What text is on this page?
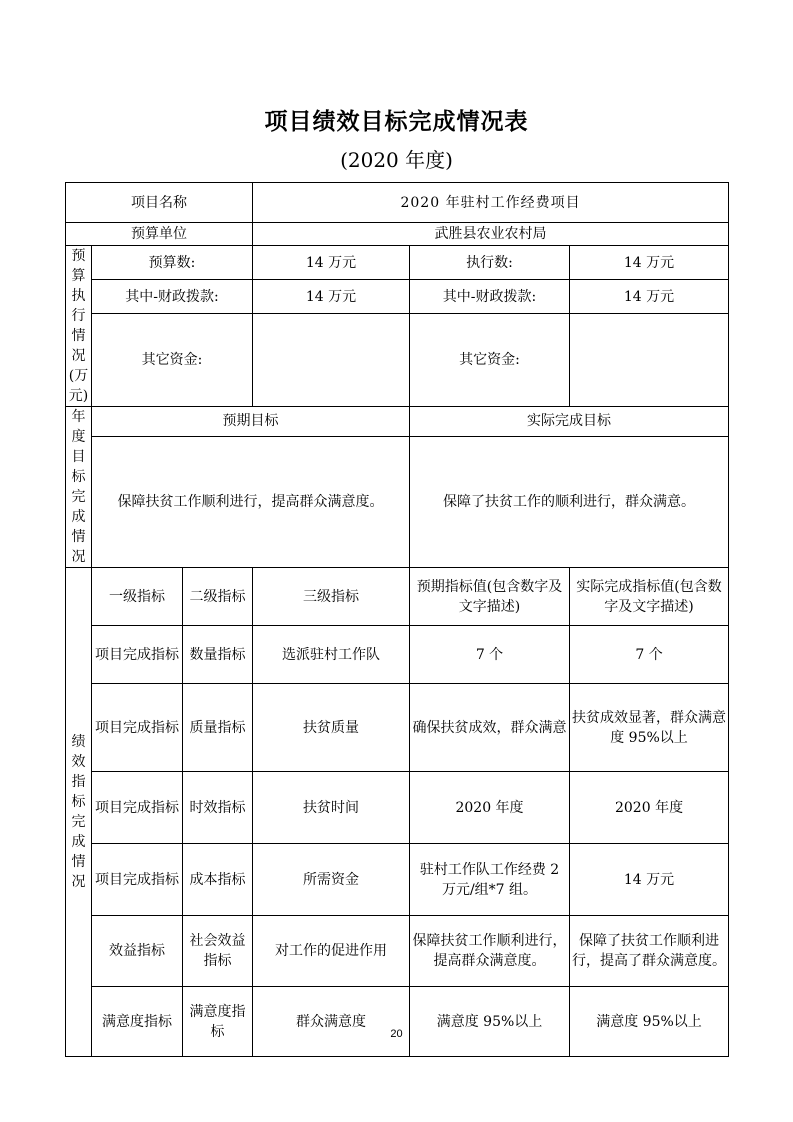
项目绩效目标完成情况表
(2020 年度)
项目名称			2020 年驻村工作经费项目		
预算单位			武胜县农业农村局		
预算执行情况(万元)	预算数:		14 万元	执行数:	14 万元
	其中-财政拨款:		14 万元	其中-财政拨款:	14 万元
	其它资金:			其它资金:	
年度目标完成情况	预期目标			实际完成目标	
	保障扶贫工作顺利进行，提高群众满意度。			保障了扶贫工作的顺利进行，群众满意。	
绩效指标完成情况	一级指标	二级指标	三级指标	预期指标值(包含数字及文字描述)	实际完成指标值(包含数字及文字描述)
	项目完成指标	数量指标	选派驻村工作队	7 个	7 个
	项目完成指标	质量指标	扶贫质量	确保扶贫成效，群众满意	扶贫成效显著，群众满意度 95%以上
	项目完成指标	时效指标	扶贫时间	2020 年度	2020 年度
	项目完成指标	成本指标	所需资金	驻村工作队工作经费 2 万元/组*7 组。	14 万元
	效益指标	社会效益指标	对工作的促进作用	保障扶贫工作顺利进行，提高群众满意度。	保障了扶贫工作顺利进行，提高了群众满意度。
	满意度指标	满意度指标	群众满意度	满意度 95%以上	满意度 95%以上
20
